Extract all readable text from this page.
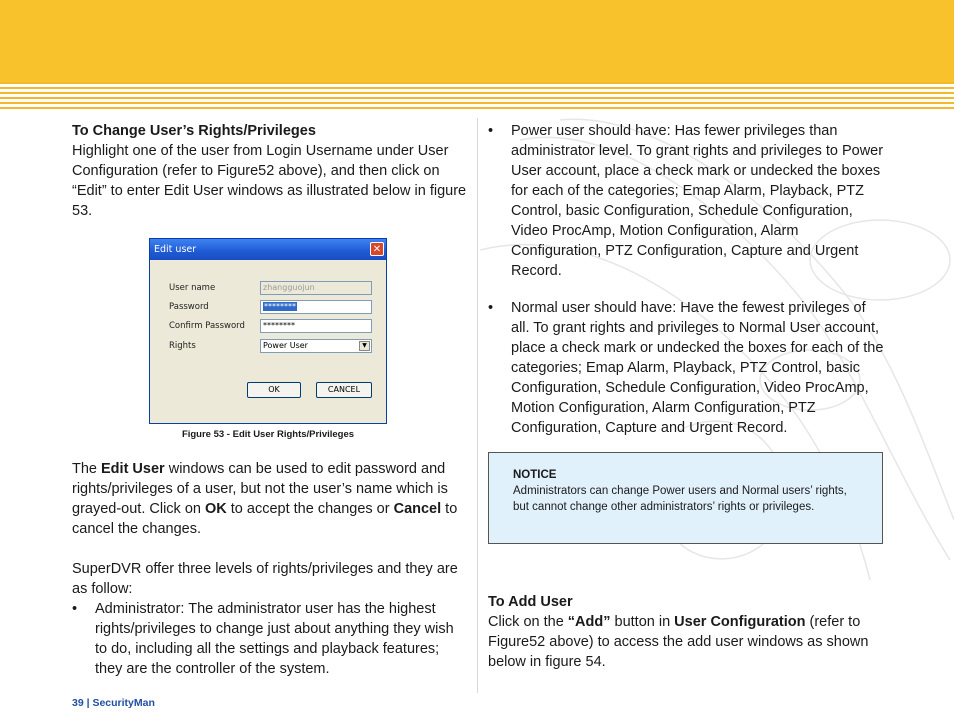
To Change User’s Rights/Privileges

Highlight one of the user from Login Username under User Configuration (refer to Figure52 above), and then click on “Edit” to enter Edit User windows as illustrated below in figure 53.

The Edit User windows can be used to edit password and rights/privileges of a user, but not the user’s name which is grayed-out. Click on OK to accept the changes or Cancel to cancel the changes.

SuperDVR offer three levels of rights/privileges and they are as follow:

• Administrator: The administrator user has the highest rights/privileges to change just about anything they wish to do, including all the settings and playback features; they are the controller of the system.
Edit user	✕
User name	zhangguojun
Password	********
Confirm Password	********
Rights	Power User	▼
OK	CANCEL
Figure 53 - Edit User Rights/Privileges
• Power user should have: Has fewer privileges than administrator level. To grant rights and privileges to Power User account, place a check mark or undecked the boxes for each of the categories; Emap Alarm, Playback, PTZ Control, basic Configuration, Schedule Configuration, Video ProcAmp, Motion Configuration, Alarm Configuration, PTZ Configuration, Capture and Urgent Record.
• Normal user should have: Have the fewest privileges of all. To grant rights and privileges to Normal User account, place a check mark or undecked the boxes for each of the categories; Emap Alarm, Playback, PTZ Control, basic Configuration, Schedule Configuration, Video ProcAmp, Motion Configuration, Alarm Configuration, PTZ Configuration, Capture and Urgent Record.
NOTICE
Administrators can change Power users and Normal users’ rights, but cannot change other administrators’ rights or privileges.

To Add User

Click on the “Add” button in User Configuration (refer to Figure52 above) to access the add user windows as shown below in figure 54.

39 | SecurityMan
